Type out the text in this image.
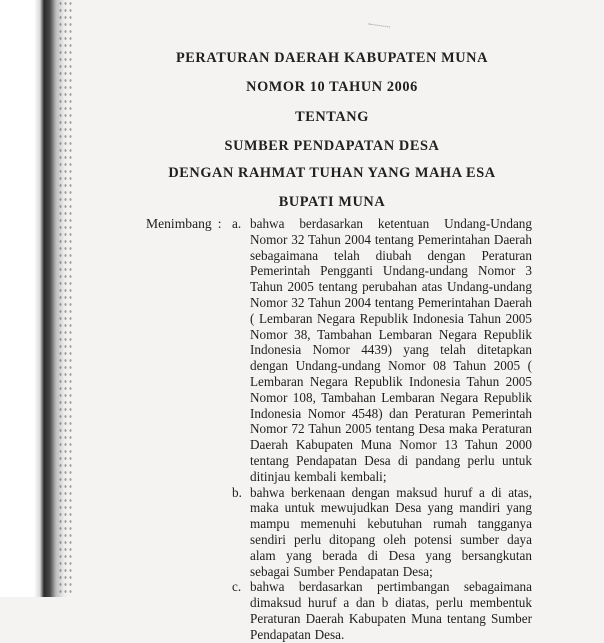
PERATURAN DAERAH KABUPATEN MUNA
NOMOR 10 TAHUN 2006
TENTANG
SUMBER PENDAPATAN DESA
DENGAN RAHMAT TUHAN YANG MAHA ESA
BUPATI MUNA
Menimbang : a. bahwa berdasarkan ketentuan Undang-Undang Nomor 32 Tahun 2004 tentang Pemerintahan Daerah sebagaimana telah diubah dengan Peraturan Pemerintah Pengganti Undang-undang Nomor 3 Tahun 2005 tentang perubahan atas Undang-undang Nomor 32 Tahun 2004 tentang Pemerintahan Daerah ( Lembaran Negara Republik Indonesia Tahun 2005 Nomor 38, Tambahan Lembaran Negara Republik Indonesia Nomor 4439) yang telah ditetapkan dengan Undang-undang Nomor 08 Tahun 2005 ( Lembaran Negara Republik Indonesia Tahun 2005 Nomor 108, Tambahan Lembaran Negara Republik Indonesia Nomor 4548) dan Peraturan Pemerintah Nomor 72 Tahun 2005 tentang Desa maka Peraturan Daerah Kabupaten Muna Nomor 13 Tahun 2000 tentang Pendapatan Desa di pandang perlu untuk ditinjau kembali kembali;
b. bahwa berkenaan dengan maksud huruf a di atas, maka untuk mewujudkan Desa yang mandiri yang mampu memenuhi kebutuhan rumah tangganya sendiri perlu ditopang oleh potensi sumber daya alam yang berada di Desa yang bersangkutan sebagai Sumber Pendapatan Desa;
c. bahwa berdasarkan pertimbangan sebagaimana dimaksud huruf a dan b diatas, perlu membentuk Peraturan Daerah Kabupaten Muna tentang Sumber Pendapatan Desa.
